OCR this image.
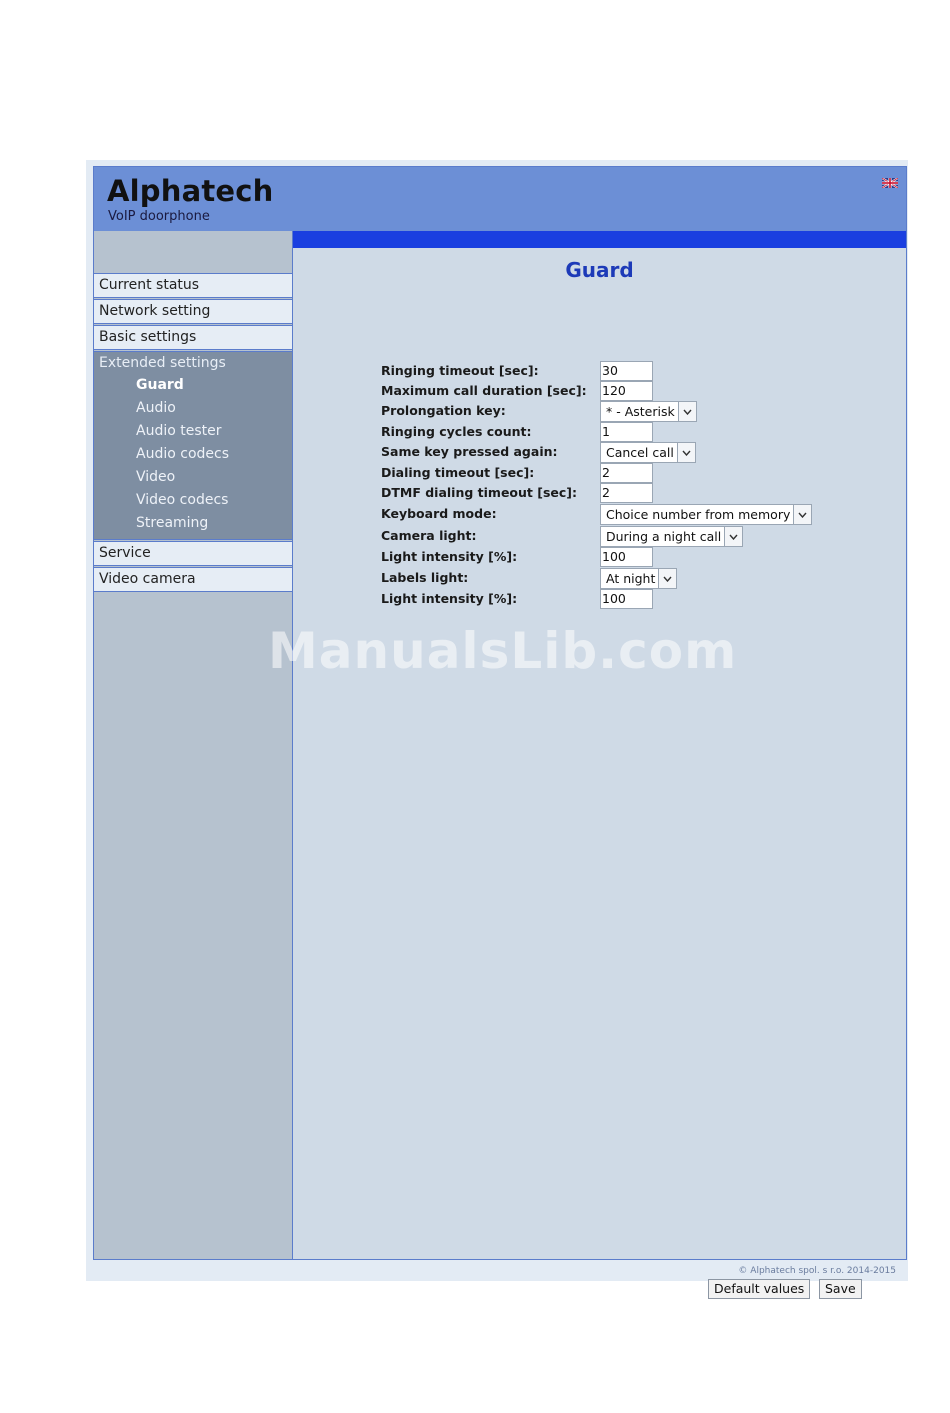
Alphatech
VoIP doorphone
Current status
Network setting
Basic settings
Extended settings
Guard
Audio
Audio tester
Audio codecs
Video
Video codecs
Streaming
Service
Video camera
Guard
Ringing timeout [sec]:	30
Maximum call duration [sec]: 120
Prolongation key:	* - Asterisk
Ringing cycles count:	1
Same key pressed again:	Cancel call
Dialing timeout [sec]:	2
DTMF dialing timeout [sec]: 2
Keyboard mode:	Choice number from memory
Camera light:	During a night call
Light intensity [%]:	100
Labels light:	At night
Light intensity [%]:	100
Default values	Save
© Alphatech spol. s r.o. 2014-2015
ManualsLib.com
